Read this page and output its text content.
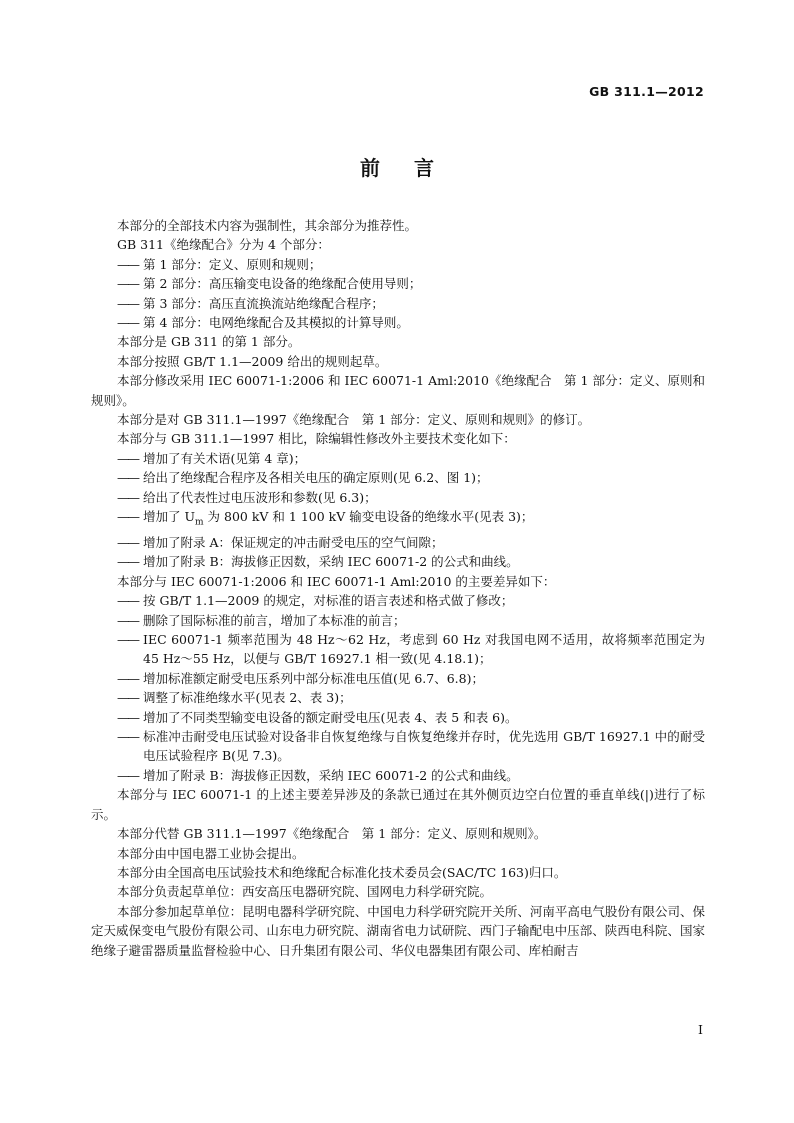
GB 311.1—2012
前言

本部分的全部技术内容为强制性，其余部分为推荐性。

GB 311《绝缘配合》分为 4 个部分：

—— 第 1 部分：定义、原则和规则；

—— 第 2 部分：高压输变电设备的绝缘配合使用导则；

—— 第 3 部分：高压直流换流站绝缘配合程序；

—— 第 4 部分：电网绝缘配合及其模拟的计算导则。

本部分是 GB 311 的第 1 部分。

本部分按照 GB/T 1.1—2009 给出的规则起草。

本部分修改采用 IEC 60071-1:2006 和 IEC 60071-1 Aml:2010《绝缘配合　第 1 部分：定义、原则和规则》。

本部分是对 GB 311.1—1997《绝缘配合　第 1 部分：定义、原则和规则》的修订。

本部分与 GB 311.1—1997 相比，除编辑性修改外主要技术变化如下：

—— 增加了有关术语(见第 4 章)；

—— 给出了绝缘配合程序及各相关电压的确定原则(见 6.2、图 1)；

—— 给出了代表性过电压波形和参数(见 6.3)；

—— 增加了 $U_m$ 为 800 kV 和 1 100 kV 输变电设备的绝缘水平(见表 3)；

—— 增加了附录 A：保证规定的冲击耐受电压的空气间隙；

—— 增加了附录 B：海拔修正因数，采纳 IEC 60071-2 的公式和曲线。

本部分与 IEC 60071-1:2006 和 IEC 60071-1 Aml:2010 的主要差异如下：

—— 按 GB/T 1.1—2009 的规定，对标准的语言表述和格式做了修改；

—— 删除了国际标准的前言，增加了本标准的前言；

—— IEC 60071-1 频率范围为 48 Hz～62 Hz，考虑到 60 Hz 对我国电网不适用，故将频率范围定为 45 Hz～55 Hz，以便与 GB/T 16927.1 相一致(见 4.18.1)；

—— 增加标准额定耐受电压系列中部分标准电压值(见 6.7、6.8)；

—— 调整了标准绝缘水平(见表 2、表 3)；

—— 增加了不同类型输变电设备的额定耐受电压(见表 4、表 5 和表 6)。

—— 标准冲击耐受电压试验对设备非自恢复绝缘与自恢复绝缘并存时，优先选用 GB/T 16927.1 中的耐受电压试验程序 B(见 7.3)。

—— 增加了附录 B：海拔修正因数，采纳 IEC 60071-2 的公式和曲线。

本部分与 IEC 60071-1 的上述主要差异涉及的条款已通过在其外侧页边空白位置的垂直单线(|)进行了标示。

本部分代替 GB 311.1—1997《绝缘配合　第 1 部分：定义、原则和规则》。

本部分由中国电器工业协会提出。

本部分由全国高电压试验技术和绝缘配合标准化技术委员会(SAC/TC 163)归口。

本部分负责起草单位：西安高压电器研究院、国网电力科学研究院。

本部分参加起草单位：昆明电器科学研究院、中国电力科学研究院开关所、河南平高电气股份有限公司、保定天威保变电气股份有限公司、山东电力研究院、湖南省电力试研院、西门子输配电中压部、陕西电科院、国家绝缘子避雷器质量监督检验中心、日升集团有限公司、华仪电器集团有限公司、库柏耐吉

I
